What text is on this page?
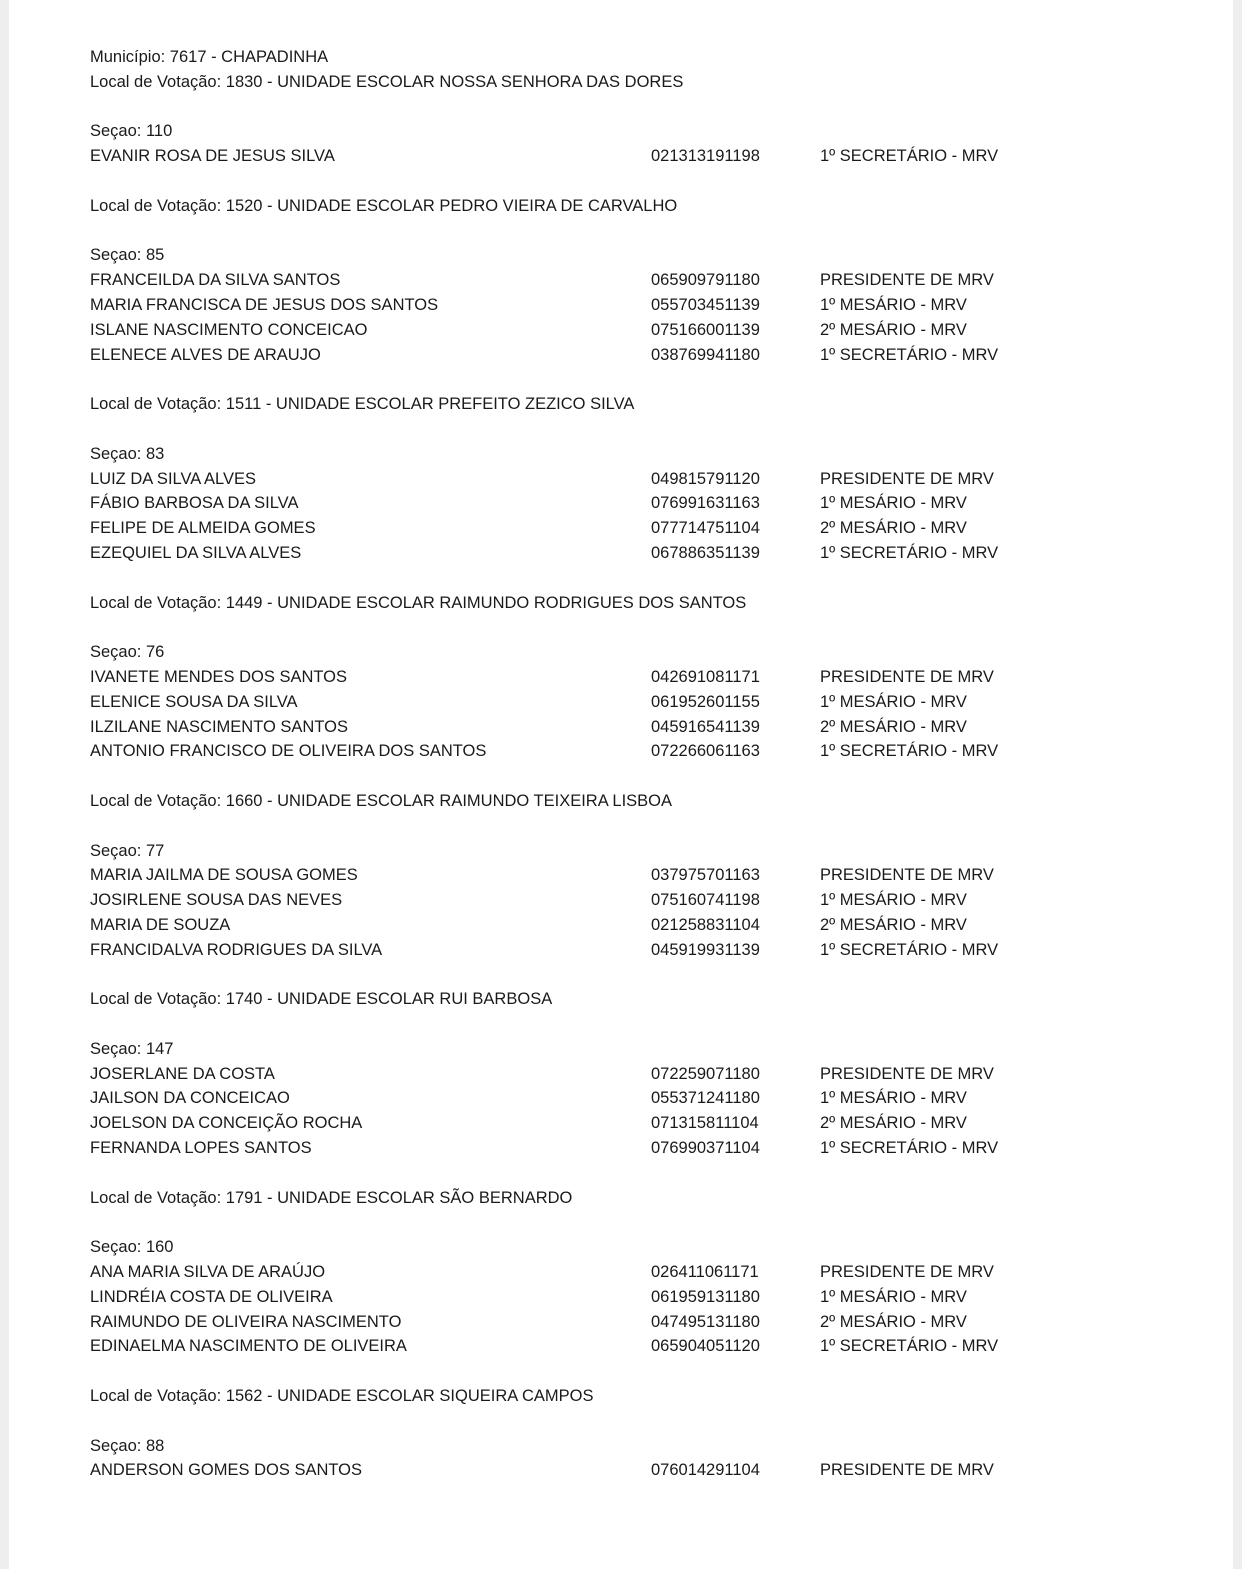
Município: 7617 - CHAPADINHA
Local de Votação: 1830 - UNIDADE ESCOLAR NOSSA SENHORA DAS DORES
Seçao: 110
EVANIR ROSA DE JESUS SILVA	021313191198	1º SECRETÁRIO - MRV
Local de Votação: 1520 - UNIDADE ESCOLAR PEDRO VIEIRA DE CARVALHO
Seçao: 85
FRANCEILDA DA SILVA SANTOS	065909791180	PRESIDENTE DE MRV
MARIA FRANCISCA DE JESUS DOS SANTOS	055703451139	1º MESÁRIO - MRV
ISLANE NASCIMENTO CONCEICAO	075166001139	2º MESÁRIO - MRV
ELENECE ALVES DE ARAUJO	038769941180	1º SECRETÁRIO - MRV
Local de Votação: 1511 - UNIDADE ESCOLAR PREFEITO ZEZICO SILVA
Seçao: 83
LUIZ DA SILVA ALVES	049815791120	PRESIDENTE DE MRV
FÁBIO BARBOSA DA SILVA	076991631163	1º MESÁRIO - MRV
FELIPE DE ALMEIDA GOMES	077714751104	2º MESÁRIO - MRV
EZEQUIEL DA SILVA ALVES	067886351139	1º SECRETÁRIO - MRV
Local de Votação: 1449 - UNIDADE ESCOLAR RAIMUNDO RODRIGUES DOS SANTOS
Seçao: 76
IVANETE MENDES DOS SANTOS	042691081171	PRESIDENTE DE MRV
ELENICE SOUSA DA SILVA	061952601155	1º MESÁRIO - MRV
ILZILANE NASCIMENTO SANTOS	045916541139	2º MESÁRIO - MRV
ANTONIO FRANCISCO DE OLIVEIRA DOS SANTOS	072266061163	1º SECRETÁRIO - MRV
Local de Votação: 1660 - UNIDADE ESCOLAR RAIMUNDO TEIXEIRA LISBOA
Seçao: 77
MARIA JAILMA DE SOUSA GOMES	037975701163	PRESIDENTE DE MRV
JOSIRLENE SOUSA DAS NEVES	075160741198	1º MESÁRIO - MRV
MARIA DE SOUZA	021258831104	2º MESÁRIO - MRV
FRANCIDALVA RODRIGUES DA SILVA	045919931139	1º SECRETÁRIO - MRV
Local de Votação: 1740 - UNIDADE ESCOLAR RUI BARBOSA
Seçao: 147
JOSERLANE DA COSTA	072259071180	PRESIDENTE DE MRV
JAILSON DA CONCEICAO	055371241180	1º MESÁRIO - MRV
JOELSON DA CONCEIÇÃO ROCHA	071315811104	2º MESÁRIO - MRV
FERNANDA LOPES SANTOS	076990371104	1º SECRETÁRIO - MRV
Local de Votação: 1791 - UNIDADE ESCOLAR SÃO BERNARDO
Seçao: 160
ANA MARIA SILVA DE ARAÚJO	026411061171	PRESIDENTE DE MRV
LINDRÉIA COSTA DE OLIVEIRA	061959131180	1º MESÁRIO - MRV
RAIMUNDO DE OLIVEIRA NASCIMENTO	047495131180	2º MESÁRIO - MRV
EDINAELMA NASCIMENTO DE OLIVEIRA	065904051120	1º SECRETÁRIO - MRV
Local de Votação: 1562 - UNIDADE ESCOLAR SIQUEIRA CAMPOS
Seçao: 88
ANDERSON GOMES DOS SANTOS	076014291104	PRESIDENTE DE MRV
